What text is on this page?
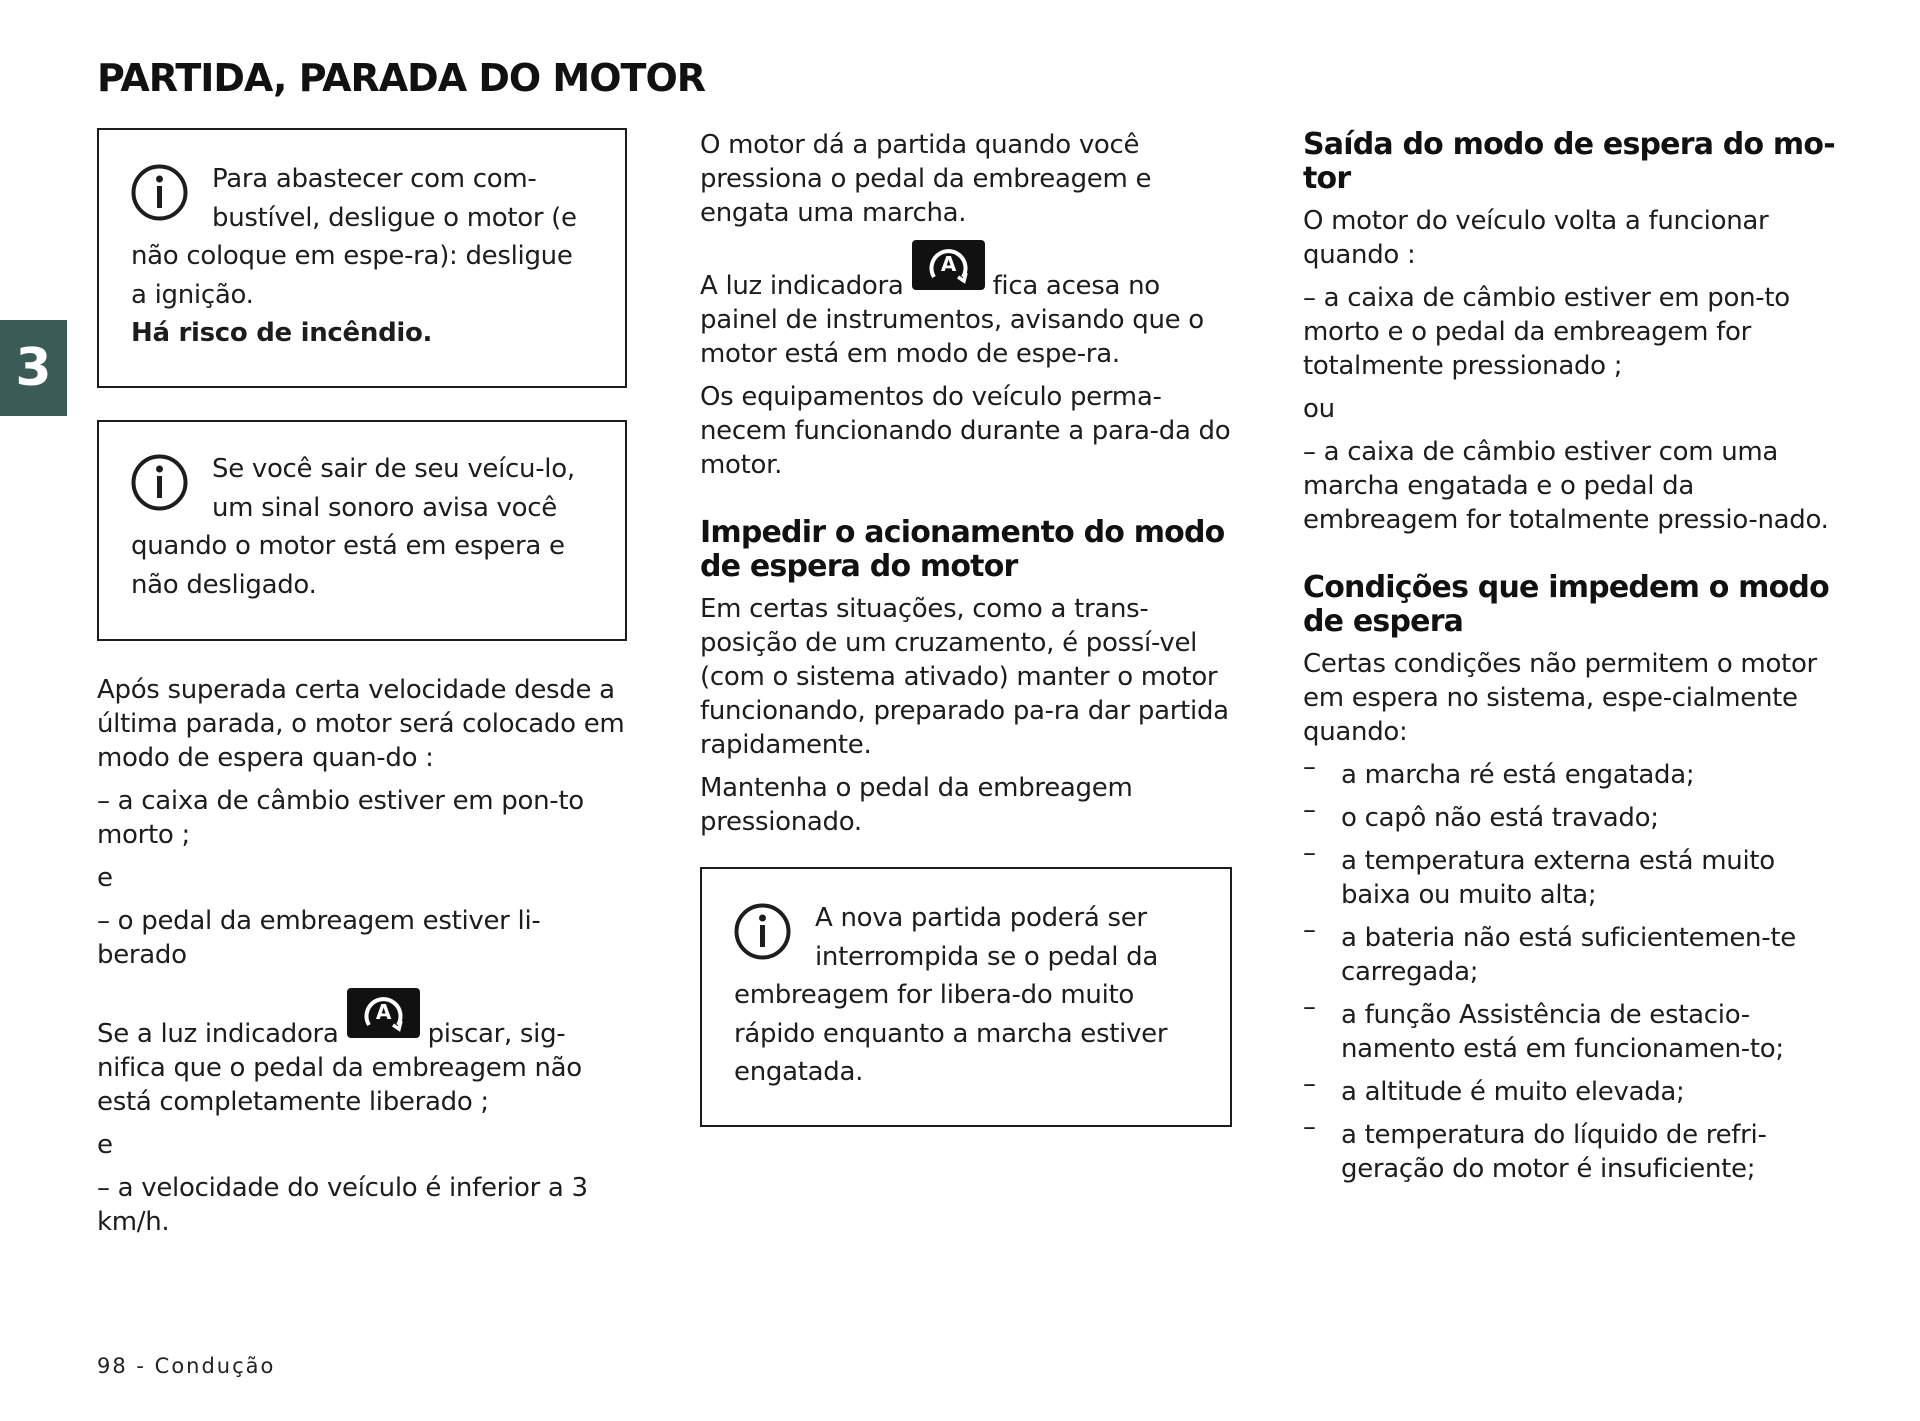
PARTIDA, PARADA DO MOTOR
3

Para abastecer com com-bustível, desligue o motor (e não coloque em espe-ra): desligue a ignição.
Há risco de incêndio.

Se você sair de seu veícu-lo, um sinal sonoro avisa você quando o motor está em espera e não desligado.

Após superada certa velocidade desde a última parada, o motor será colocado em modo de espera quan-do :

– a caixa de câmbio estiver em pon-to morto ;

e

– o pedal da embreagem estiver li-berado

Se a luz indicadora
A
piscar, sig-nifica que o pedal da embreagem não está completamente liberado ;

e

– a velocidade do veículo é inferior a 3 km/h.

O motor dá a partida quando você pressiona o pedal da embreagem e engata uma marcha.

A luz indicadora
A
fica acesa no painel de instrumentos, avisando que o motor está em modo de espe-ra.

Os equipamentos do veículo perma-necem funcionando durante a para-da do motor.

Impedir o acionamento do modo de espera do motor

Em certas situações, como a trans-posição de um cruzamento, é possí-vel (com o sistema ativado) manter o motor funcionando, preparado pa-ra dar partida rapidamente.

Mantenha o pedal da embreagem pressionado.

A nova partida poderá ser interrompida se o pedal da embreagem for libera-do muito rápido enquanto a marcha estiver engatada.

Saída do modo de espera do mo-tor

O motor do veículo volta a funcionar quando :

– a caixa de câmbio estiver em pon-to morto e o pedal da embreagem for totalmente pressionado ;

ou

– a caixa de câmbio estiver com uma marcha engatada e o pedal da embreagem for totalmente pressio-nado.

Condições que impedem o modo de espera

Certas condições não permitem o motor em espera no sistema, espe-cialmente quando:

– a marcha ré está engatada;

– o capô não está travado;

– a temperatura externa está muito baixa ou muito alta;

– a bateria não está suficientemen-te carregada;

– a função Assistência de estacio-namento está em funcionamen-to;

– a altitude é muito elevada;

– a temperatura do líquido de refri-geração do motor é insuficiente;

98 - Condução
